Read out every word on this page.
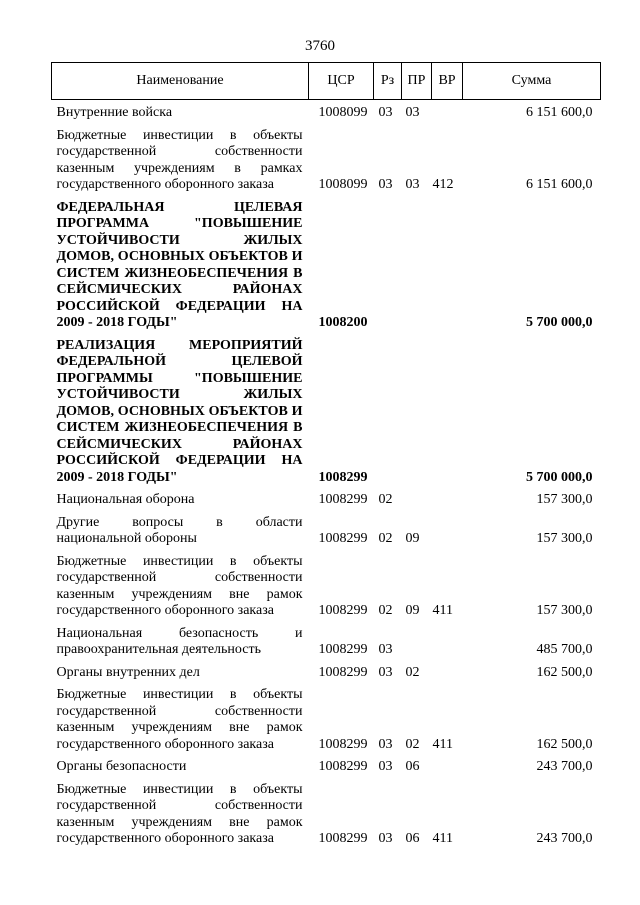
3760
Наименование	ЦСР	Рз	ПР	ВР	Сумма
Внутренние войска	1008099	03	03		6 151 600,0
Бюджетные инвестиции в объекты государственной собственности казенным учреждениям в рамках государственного оборонного заказа	1008099	03	03	412	6 151 600,0
ФЕДЕРАЛЬНАЯ ЦЕЛЕВАЯ ПРОГРАММА "ПОВЫШЕНИЕ УСТОЙЧИВОСТИ ЖИЛЫХ ДОМОВ, ОСНОВНЫХ ОБЪЕКТОВ И СИСТЕМ ЖИЗНЕОБЕСПЕЧЕНИЯ В СЕЙСМИЧЕСКИХ РАЙОНАХ РОССИЙСКОЙ ФЕДЕРАЦИИ НА 2009 - 2018 ГОДЫ"	1008200				5 700 000,0
РЕАЛИЗАЦИЯ МЕРОПРИЯТИЙ ФЕДЕРАЛЬНОЙ ЦЕЛЕВОЙ ПРОГРАММЫ "ПОВЫШЕНИЕ УСТОЙЧИВОСТИ ЖИЛЫХ ДОМОВ, ОСНОВНЫХ ОБЪЕКТОВ И СИСТЕМ ЖИЗНЕОБЕСПЕЧЕНИЯ В СЕЙСМИЧЕСКИХ РАЙОНАХ РОССИЙСКОЙ ФЕДЕРАЦИИ НА 2009 - 2018 ГОДЫ"	1008299				5 700 000,0
Национальная оборона	1008299	02			157 300,0
Другие вопросы в области национальной обороны	1008299	02	09		157 300,0
Бюджетные инвестиции в объекты государственной собственности казенным учреждениям вне рамок государственного оборонного заказа	1008299	02	09	411	157 300,0
Национальная безопасность и правоохранительная деятельность	1008299	03			485 700,0
Органы внутренних дел	1008299	03	02		162 500,0
Бюджетные инвестиции в объекты государственной собственности казенным учреждениям вне рамок государственного оборонного заказа	1008299	03	02	411	162 500,0
Органы безопасности	1008299	03	06		243 700,0
Бюджетные инвестиции в объекты государственной собственности казенным учреждениям вне рамок государственного оборонного заказа	1008299	03	06	411	243 700,0
